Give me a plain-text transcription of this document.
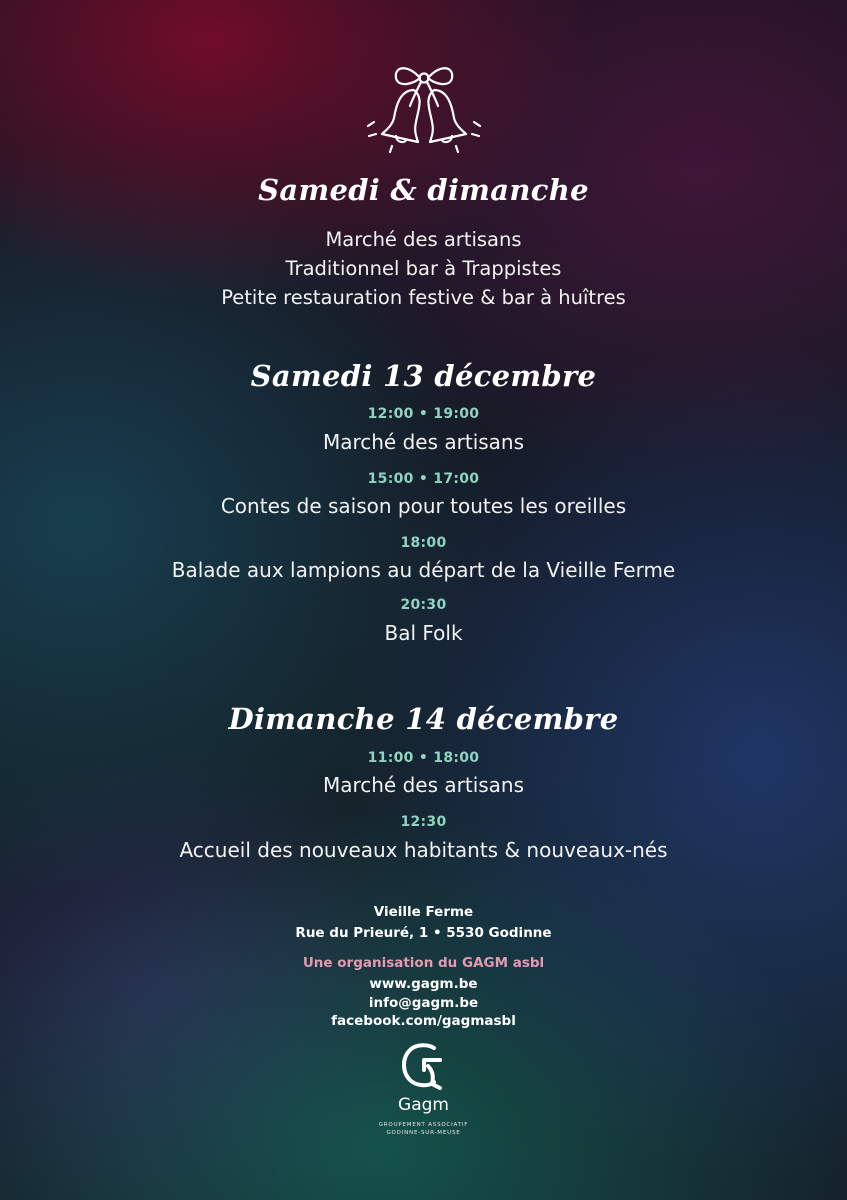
Samedi & dimanche
Marché des artisans
Traditionnel bar à Trappistes
Petite restauration festive & bar à huîtres
Samedi 13 décembre
12:00 • 19:00
Marché des artisans
15:00 • 17:00
Contes de saison pour toutes les oreilles
18:00
Balade aux lampions au départ de la Vieille Ferme
20:30
Bal Folk
Dimanche 14 décembre
11:00 • 18:00
Marché des artisans
12:30
Accueil des nouveaux habitants & nouveaux-nés
Vieille Ferme
Rue du Prieuré, 1 • 5530 Godinne
Une organisation du GAGM asbl
www.gagm.be
info@gagm.be
facebook.com/gagmasbl
Gagm
GROUPEMENT ASSOCIATIF
GODINNE-SUR-MEUSE
